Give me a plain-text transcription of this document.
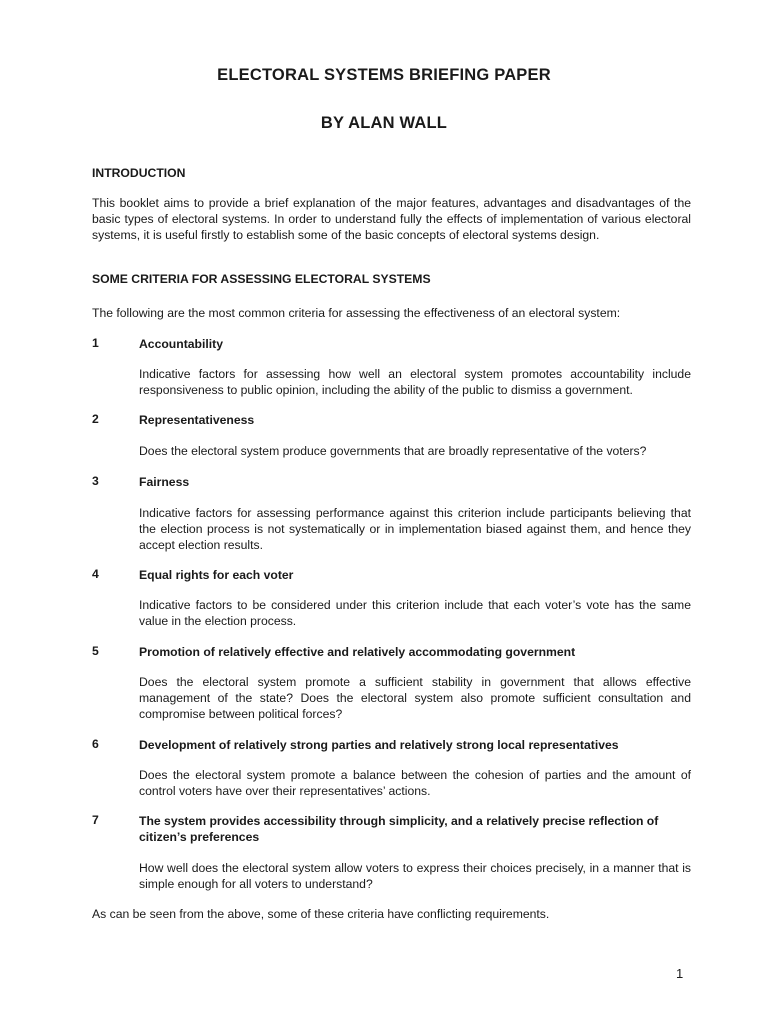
ELECTORAL SYSTEMS BRIEFING PAPER
BY ALAN WALL
INTRODUCTION
This booklet aims to provide a brief explanation of the major features, advantages and disadvantages of the basic types of electoral systems. In order to understand fully the effects of implementation of various electoral systems, it is useful firstly to establish some of the basic concepts of electoral systems design.
SOME CRITERIA FOR ASSESSING ELECTORAL SYSTEMS
The following are the most common criteria for assessing the effectiveness of an electoral system:
1	Accountability
Indicative factors for assessing how well an electoral system promotes accountability include responsiveness to public opinion, including the ability of the public to dismiss a government.
2	Representativeness
Does the electoral system produce governments that are broadly representative of the voters?
3	Fairness
Indicative factors for assessing performance against this criterion include participants believing that the election process is not systematically or in implementation biased against them, and hence they accept election results.
4	Equal rights for each voter
Indicative factors to be considered under this criterion include that each voter’s vote has the same value in the election process.
5	Promotion of relatively effective and relatively accommodating government
Does the electoral system promote a sufficient stability in government that allows effective management of the state? Does the electoral system also promote sufficient consultation and compromise between political forces?
6	Development of relatively strong parties and relatively strong local representatives
Does the electoral system promote a balance between the cohesion of parties and the amount of control voters have over their representatives’ actions.
7	The system provides accessibility through simplicity, and a relatively precise reflection of citizen’s preferences
How well does the electoral system allow voters to express their choices precisely, in a manner that is simple enough for all voters to understand?
As can be seen from the above, some of these criteria have conflicting requirements.
1
